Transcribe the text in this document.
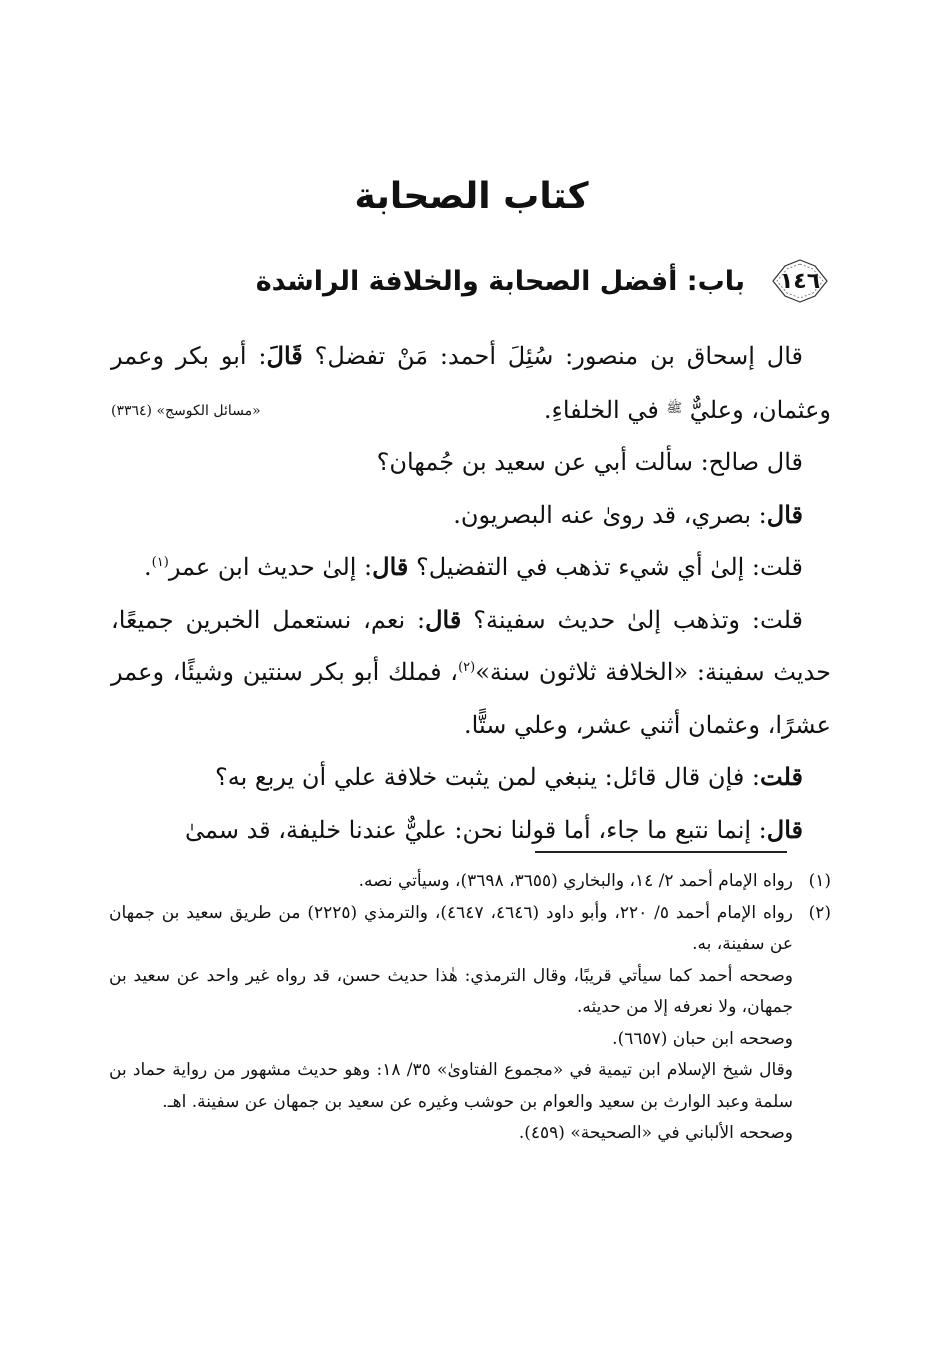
كتاب الصحابة
١٤٦
باب: أفضل الصحابة والخلافة الراشدة

قال إسحاق بن منصور: سُئِلَ أحمد: مَنْ تفضل؟ قَالَ: أبو بكر وعمر وعثمان، وعليٌّ $^ﷺ$ في الخلفاءِ.
«مسائل الكوسج» (٣٣٦٤)

قال صالح: سألت أبي عن سعيد بن جُمهان؟

قال: بصري، قد روىٰ عنه البصريون.

قلت: إلىٰ أي شيء تذهب في التفضيل؟ قال: إلىٰ حديث ابن عمر$^{(١)}$.

قلت: وتذهب إلىٰ حديث سفينة؟ قال: نعم، نستعمل الخبرين جميعًا، حديث سفينة: «الخلافة ثلاثون سنة»$^{(٢)}$، فملك أبو بكر سنتين وشيئًا، وعمر عشرًا، وعثمان أثني عشر، وعلي ستًّا.

قلت: فإن قال قائل: ينبغي لمن يثبت خلافة علي أن يربع به؟

قال: إنما نتبع ما جاء، أما قولنا نحن: عليٌّ عندنا خليفة، قد سمىٰ

(١)

رواه الإمام أحمد ٢/ ١٤، والبخاري (٣٦٥٥، ٣٦٩٨)، وسيأتي نصه.

(٢)

رواه الإمام أحمد ٥/ ٢٢٠، وأبو داود (٤٦٤٦، ٤٦٤٧)، والترمذي (٢٢٢٥) من طريق سعيد بن جمهان عن سفينة، به.

وصححه أحمد كما سيأتي قريبًا، وقال الترمذي: هٰذا حديث حسن، قد رواه غير واحد عن سعيد بن جمهان، ولا نعرفه إلا من حديثه.

وصححه ابن حبان (٦٦٥٧).

وقال شيخ الإسلام ابن تيمية في «مجموع الفتاوىٰ» ٣٥/ ١٨: وهو حديث مشهور من رواية حماد بن سلمة وعبد الوارث بن سعيد والعوام بن حوشب وغيره عن سعيد بن جمهان عن سفينة. اهـ.

وصححه الألباني في «الصحيحة» (٤٥٩).
